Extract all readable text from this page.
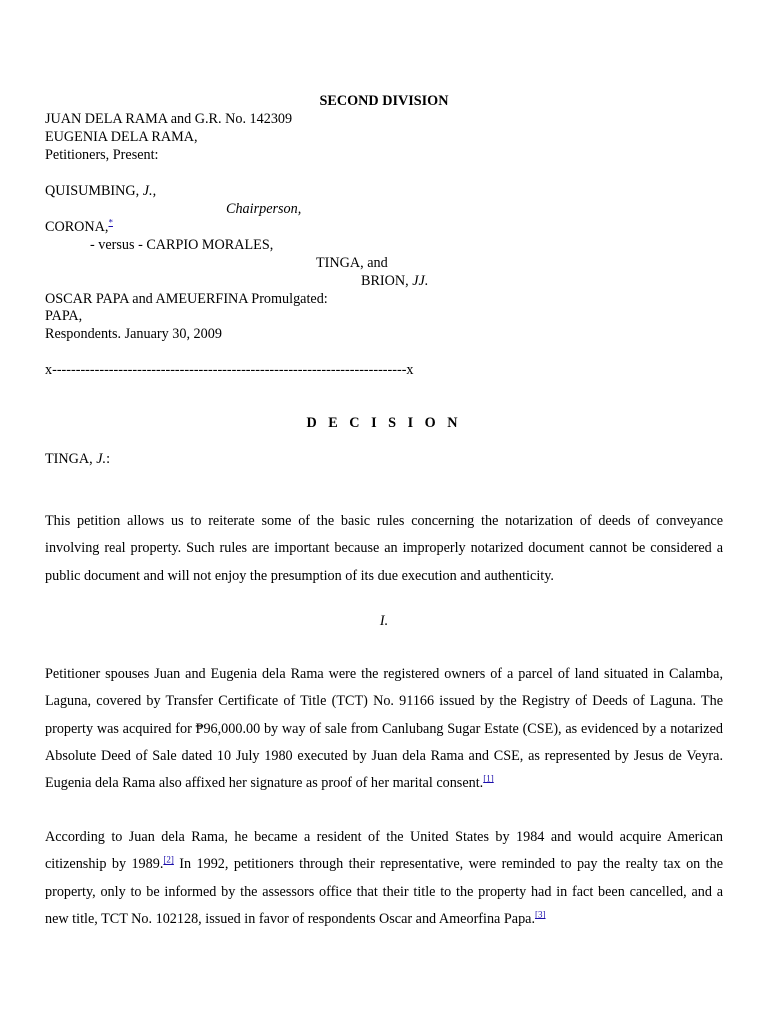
SECOND DIVISION
JUAN DELA RAMA and G.R. No. 142309
EUGENIA DELA RAMA,
Petitioners, Present:
QUISUMBING, J.,
Chairperson,
CORONA,*
- versus - CARPIO MORALES,
TINGA, and
BRION, JJ.
OSCAR PAPA and AMEUERFINA Promulgated:
PAPA,
Respondents. January 30, 2009
x---------------------------------------------------------------------------x
D E C I S I O N
TINGA, J.:
This petition allows us to reiterate some of the basic rules concerning the notarization of deeds of conveyance involving real property. Such rules are important because an improperly notarized document cannot be considered a public document and will not enjoy the presumption of its due execution and authenticity.
I.
Petitioner spouses Juan and Eugenia dela Rama were the registered owners of a parcel of land situated in Calamba, Laguna, covered by Transfer Certificate of Title (TCT) No. 91166 issued by the Registry of Deeds of Laguna. The property was acquired for ₱96,000.00 by way of sale from Canlubang Sugar Estate (CSE), as evidenced by a notarized Absolute Deed of Sale dated 10 July 1980 executed by Juan dela Rama and CSE, as represented by Jesus de Veyra. Eugenia dela Rama also affixed her signature as proof of her marital consent.[1]
According to Juan dela Rama, he became a resident of the United States by 1984 and would acquire American citizenship by 1989.[2] In 1992, petitioners through their representative, were reminded to pay the realty tax on the property, only to be informed by the assessors office that their title to the property had in fact been cancelled, and a new title, TCT No. 102128, issued in favor of respondents Oscar and Ameorfina Papa.[3]
